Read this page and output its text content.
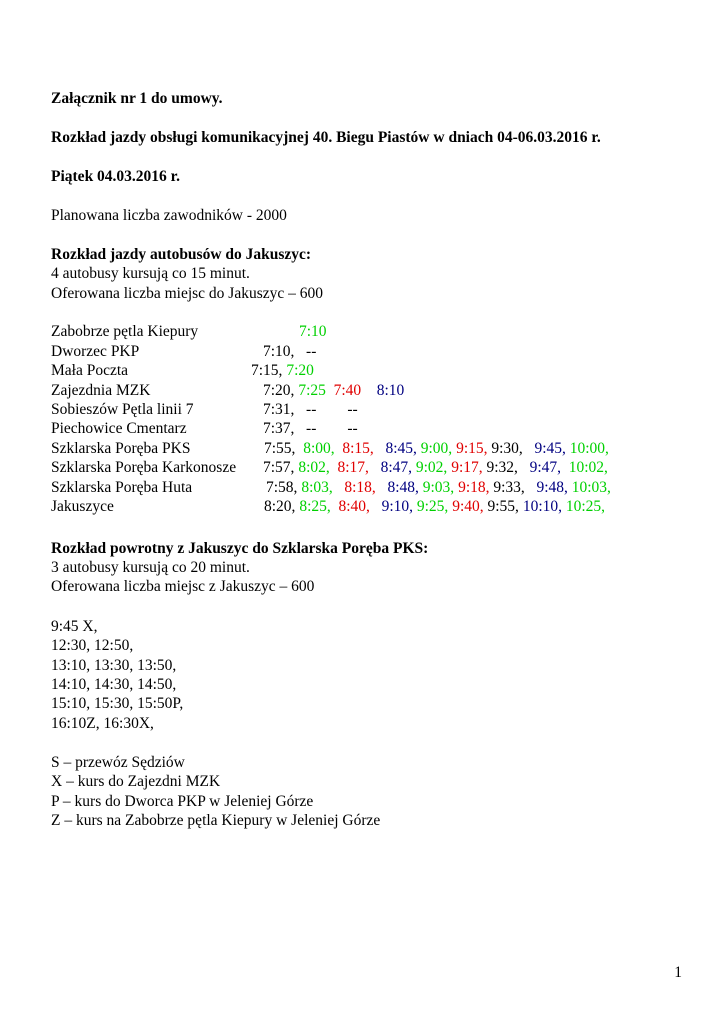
Załącznik nr 1 do umowy.
Rozkład jazdy obsługi komunikacyjnej 40. Biegu Piastów w dniach 04-06.03.2016 r.
Piątek 04.03.2016 r.
Planowana liczba zawodników - 2000
Rozkład jazdy autobusów do Jakuszyc:
4 autobusy kursują co 15 minut.
Oferowana liczba miejsc do Jakuszyc – 600
Zabobrze pętla Kiepury	7:10
Dworzec PKP	7:10,   --
Mała Poczta	7:15, 7:20
Zajezdnia MZK	7:20, 7:25  7:40    8:10
Sobieszów Pętla linii 7	7:31,   --        --
Piechowice Cmentarz	7:37,   --        --
Szklarska Poręba PKS	7:55,  8:00,  8:15,   8:45, 9:00, 9:15, 9:30,   9:45, 10:00,
Szklarska Poręba Karkonosze 7:57, 8:02,  8:17,   8:47, 9:02, 9:17, 9:32,   9:47,  10:02,
Szklarska Poręba Huta	7:58, 8:03,   8:18,   8:48, 9:03, 9:18, 9:33,   9:48, 10:03,
Jakuszyce	8:20, 8:25,  8:40,   9:10, 9:25, 9:40, 9:55, 10:10, 10:25,
Rozkład powrotny z Jakuszyc do Szklarska Poręba PKS:
3 autobusy kursują co 20 minut.
Oferowana liczba miejsc z Jakuszyc – 600
9:45 X,
12:30, 12:50,
13:10, 13:30, 13:50,
14:10, 14:30, 14:50,
15:10, 15:30, 15:50P,
16:10Z, 16:30X,
S – przewóz Sędziów
X – kurs do Zajezdni MZK
P – kurs do Dworca PKP w Jeleniej Górze
Z – kurs na Zabobrze pętla Kiepury w Jeleniej Górze
1
